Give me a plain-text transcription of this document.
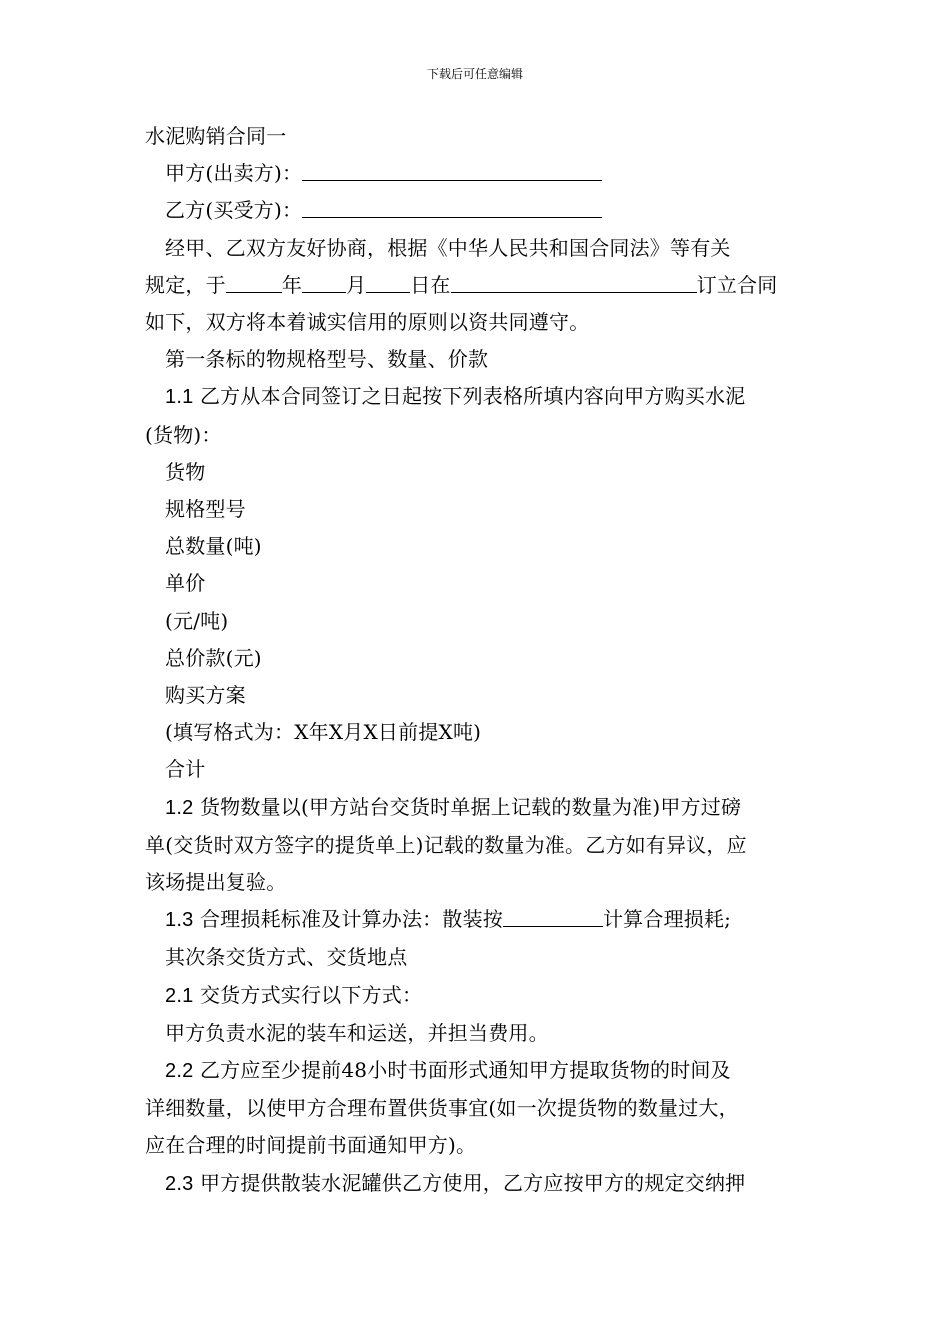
下载后可任意编辑
水泥购销合同一
甲方(出卖方)：
乙方(买受方)：
经甲、乙双方友好协商，根据《中华人民共和国合同法》等有关
规定，于	年 月 日在	订立合同
如下，双方将本着诚实信用的原则以资共同遵守。
第一条标的物规格型号、数量、价款
1.1 乙方从本合同签订之日起按下列表格所填内容向甲方购买水泥
(货物)：
货物
规格型号
总数量(吨)
单价
(元/吨)
总价款(元)
购买方案
(填写格式为：X年X月X日前提X吨)
合计
1.2 货物数量以(甲方站台交货时单据上记载的数量为准)甲方过磅
单(交货时双方签字的提货单上)记载的数量为准。乙方如有异议，应
该场提出复验。
1.3 合理损耗标准及计算办法：散装按	计算合理损耗;
其次条交货方式、交货地点
2.1 交货方式实行以下方式：
甲方负责水泥的装车和运送，并担当费用。
2.2 乙方应至少提前48小时书面形式通知甲方提取货物的时间及
详细数量，以使甲方合理布置供货事宜(如一次提货物的数量过大，
应在合理的时间提前书面通知甲方)。
2.3 甲方提供散装水泥罐供乙方使用，乙方应按甲方的规定交纳押
